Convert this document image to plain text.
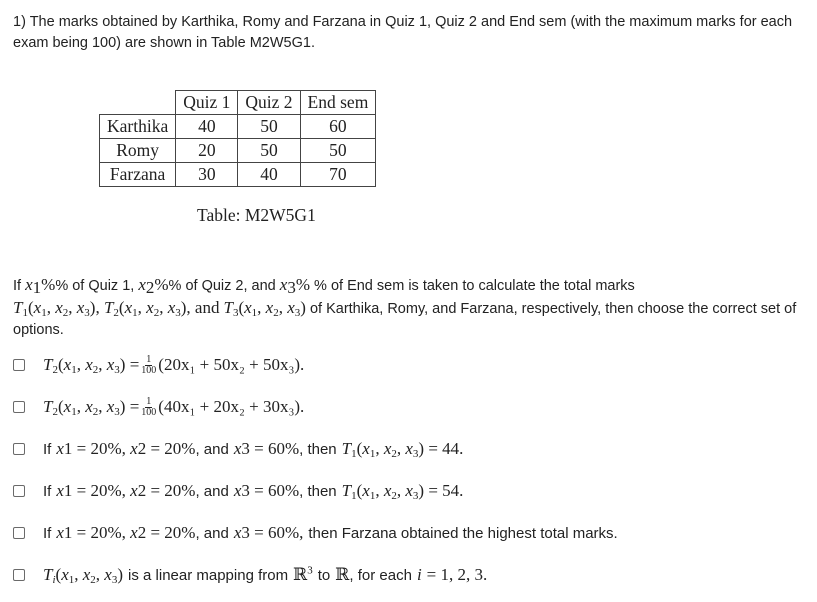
1) The marks obtained by Karthika, Romy and Farzana in Quiz 1, Quiz 2 and End sem (with the maximum marks for each exam being 100) are shown in Table M2W5G1.
	Quiz 1	Quiz 2	End sem
Karthika	40	50	60
Romy	20	50	50
Farzana	30	40	70
Table: M2W5G1
If $x_1\%\%$ of Quiz 1, $x_2\%\%$ of Quiz 2, and $x_3\%$ % of End sem is taken to calculate the total marks
$T_1(x_1$, $x_2$, $x_3$), $T_2(x_1$, $x_2$, $x_3$), and $T_3(x_1$, $x_2$, $x_3$) of Karthika, Romy, and Farzana, respectively, then choose the correct set of options.
$T_2(x_1$, $x_2$, $x_3) = \frac{1}{100} (20x_1 + 50x_2 + 50x_3)$.
$T_2(x_1$, $x_2$, $x_3) = \frac{1}{100} (40x_1 + 20x_2 + 30x_3)$.
If x1 = 20%, x2 = 20% , and x3 = 60% , then $T_1(x_1$, $x_2$, $x_3) = 44$.
If x1 = 20%, x2 = 20% , and x3 = 60% , then $T_1(x_1$, $x_2$, $x_3) = 54$.
If x1 = 20%, x2 = 20% , and x3 = 60%, then Farzana obtained the highest total marks.
$T_i(x_1$, $x_2$, $x_3$) is a linear mapping from ℝ$^3$ to ℝ , for each i = 1, 2, 3.
